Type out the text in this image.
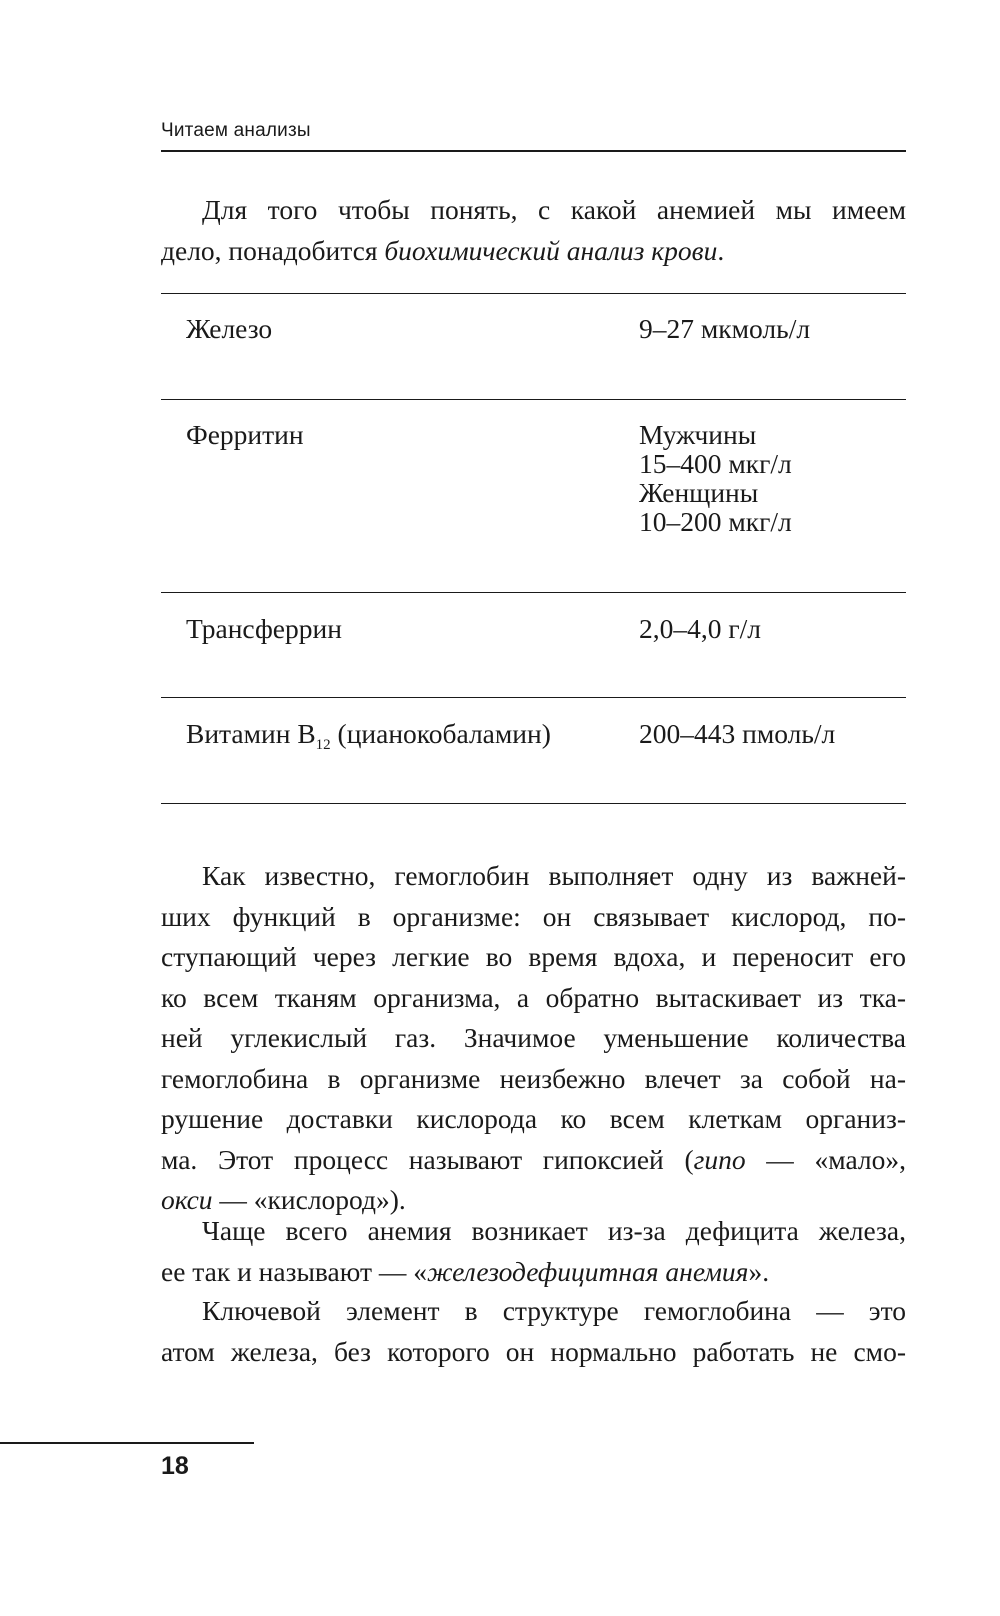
Читаем анализы

Для того чтобы понять, с какой анемией мы имеем
дело, понадобится биохимический анализ крови.

Железо	9–27 мкмоль/л
Ферритин	Мужчины
15–400 мкг/л
Женщины
10–200 мкг/л
Трансферрин	2,0–4,0 г/л
Витамин $B_{12}$ (цианокобаламин)	200–443 пмоль/л

Как известно, гемоглобин выполняет одну из важней-
ших функций в организме: он связывает кислород, по-
ступающий через легкие во время вдоха, и переносит его
ко всем тканям организма, а обратно вытаскивает из тка-
ней углекислый газ. Значимое уменьшение количества
гемоглобина в организме неизбежно влечет за собой на-
рушение доставки кислорода ко всем клеткам организ-
ма. Этот процесс называют гипоксией (гипо — «мало»,
окси — «кислород»).

Чаще всего анемия возникает из-за дефицита железа,
ее так и называют — «железодефицитная анемия».

Ключевой элемент в структуре гемоглобина — это
атом железа, без которого он нормально работать не смо-

18
